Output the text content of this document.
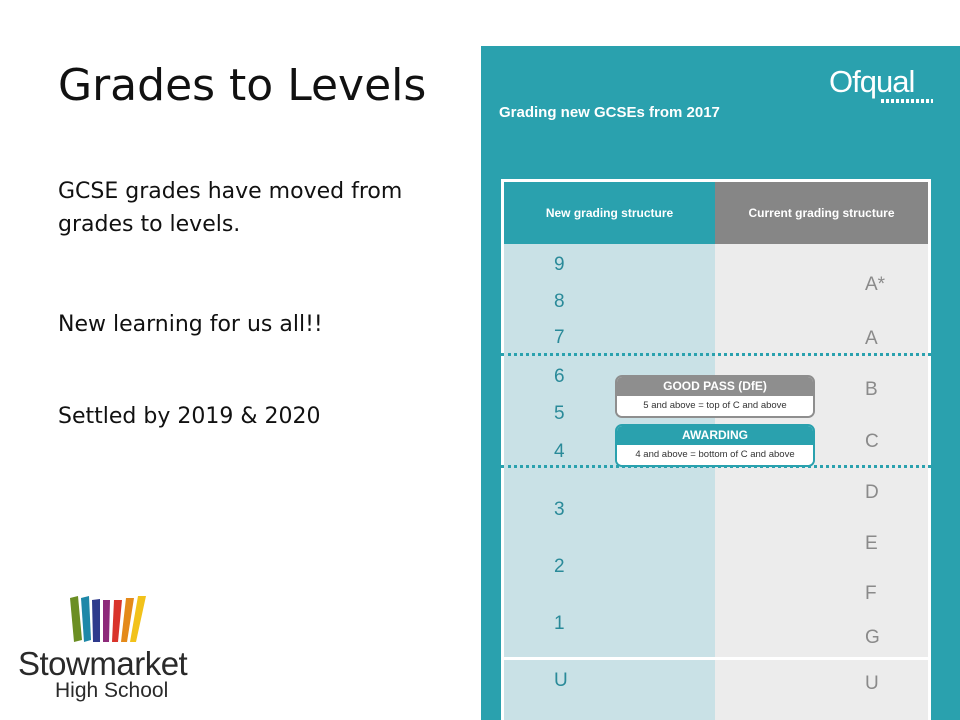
Grades to Levels
GCSE grades have moved from grades to levels.
New learning for us all!!
Settled by 2019 & 2020
Stowmarket
High School
Ofqual
Grading new GCSEs from 2017
New grading structure	Current grading structure
9
8
7
6
5
4
3
2
1
U
A*
A
B
C
D
E
F
G
U
GOOD PASS (DfE)
5 and above = top of C and above
AWARDING
4 and above = bottom of C and above
